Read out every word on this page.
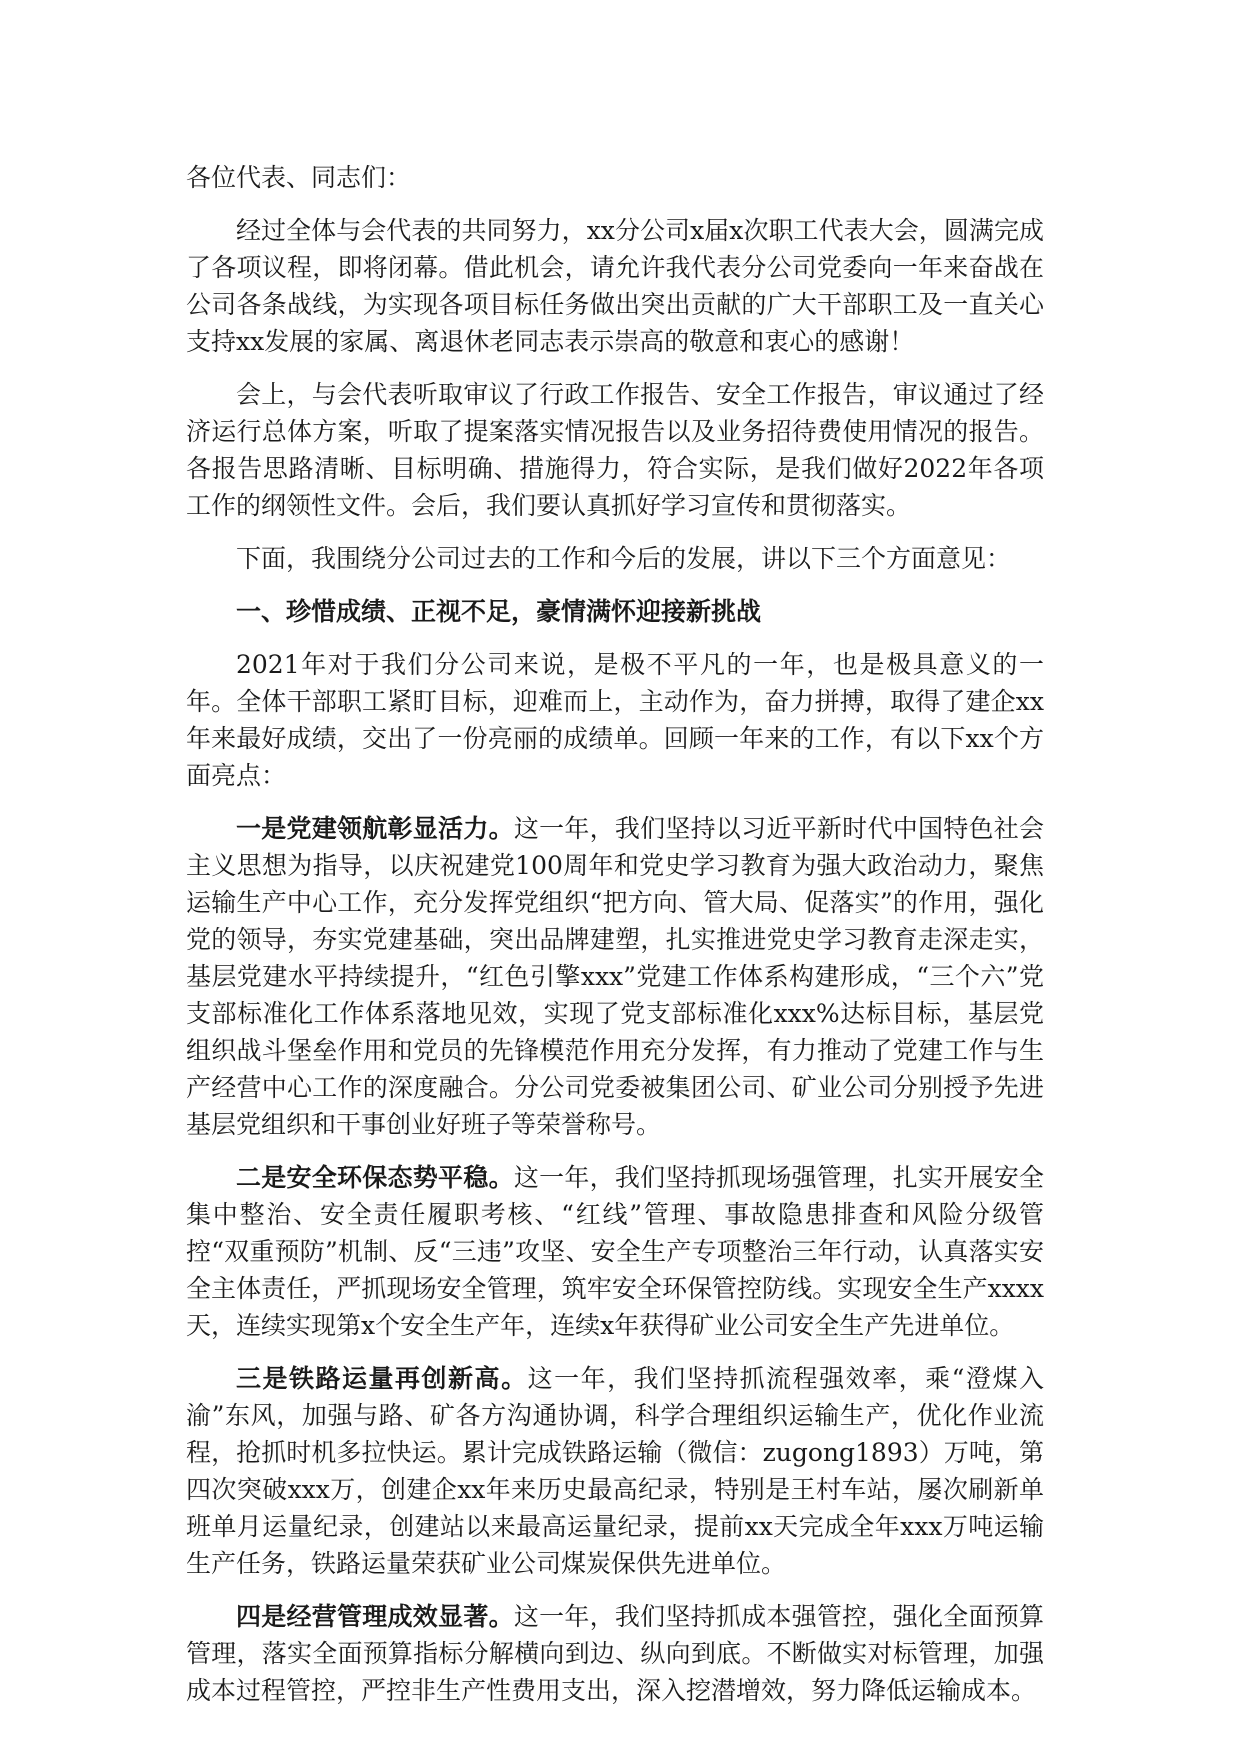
各位代表、同志们：

经过全体与会代表的共同努力，xx分公司x届x次职工代表大会，圆满完成了各项议程，即将闭幕。借此机会，请允许我代表分公司党委向一年来奋战在公司各条战线，为实现各项目标任务做出突出贡献的广大干部职工及一直关心支持xx发展的家属、离退休老同志表示崇高的敬意和衷心的感谢！

会上，与会代表听取审议了行政工作报告、安全工作报告，审议通过了经济运行总体方案，听取了提案落实情况报告以及业务招待费使用情况的报告。各报告思路清晰、目标明确、措施得力，符合实际，是我们做好2022年各项工作的纲领性文件。会后，我们要认真抓好学习宣传和贯彻落实。

下面，我围绕分公司过去的工作和今后的发展，讲以下三个方面意见：

一、珍惜成绩、正视不足，豪情满怀迎接新挑战

2021年对于我们分公司来说，是极不平凡的一年，也是极具意义的一年。全体干部职工紧盯目标，迎难而上，主动作为，奋力拼搏，取得了建企xx年来最好成绩，交出了一份亮丽的成绩单。回顾一年来的工作，有以下xx个方面亮点：

一是党建领航彰显活力。这一年，我们坚持以习近平新时代中国特色社会主义思想为指导，以庆祝建党100周年和党史学习教育为强大政治动力，聚焦运输生产中心工作，充分发挥党组织“把方向、管大局、促落实”的作用，强化党的领导，夯实党建基础，突出品牌建塑，扎实推进党史学习教育走深走实，基层党建水平持续提升，“红色引擎xxx”党建工作体系构建形成，“三个六”党支部标准化工作体系落地见效，实现了党支部标准化xxx%达标目标，基层党组织战斗堡垒作用和党员的先锋模范作用充分发挥，有力推动了党建工作与生产经营中心工作的深度融合。分公司党委被集团公司、矿业公司分别授予先进基层党组织和干事创业好班子等荣誉称号。

二是安全环保态势平稳。这一年，我们坚持抓现场强管理，扎实开展安全集中整治、安全责任履职考核、“红线”管理、事故隐患排查和风险分级管控“双重预防”机制、反“三违”攻坚、安全生产专项整治三年行动，认真落实安全主体责任，严抓现场安全管理，筑牢安全环保管控防线。实现安全生产xxxx天，连续实现第x个安全生产年，连续x年获得矿业公司安全生产先进单位。

三是铁路运量再创新高。这一年，我们坚持抓流程强效率，乘“澄煤入渝”东风，加强与路、矿各方沟通协调，科学合理组织运输生产，优化作业流程，抢抓时机多拉快运。累计完成铁路运输（微信：zugong1893）万吨，第四次突破xxx万，创建企xx年来历史最高纪录，特别是王村车站，屡次刷新单班单月运量纪录，创建站以来最高运量纪录，提前xx天完成全年xxx万吨运输生产任务，铁路运量荣获矿业公司煤炭保供先进单位。

四是经营管理成效显著。这一年，我们坚持抓成本强管控，强化全面预算管理，落实全面预算指标分解横向到边、纵向到底。不断做实对标管理，加强成本过程管控，严控非生产性费用支出，深入挖潜增效，努力降低运输成本。
